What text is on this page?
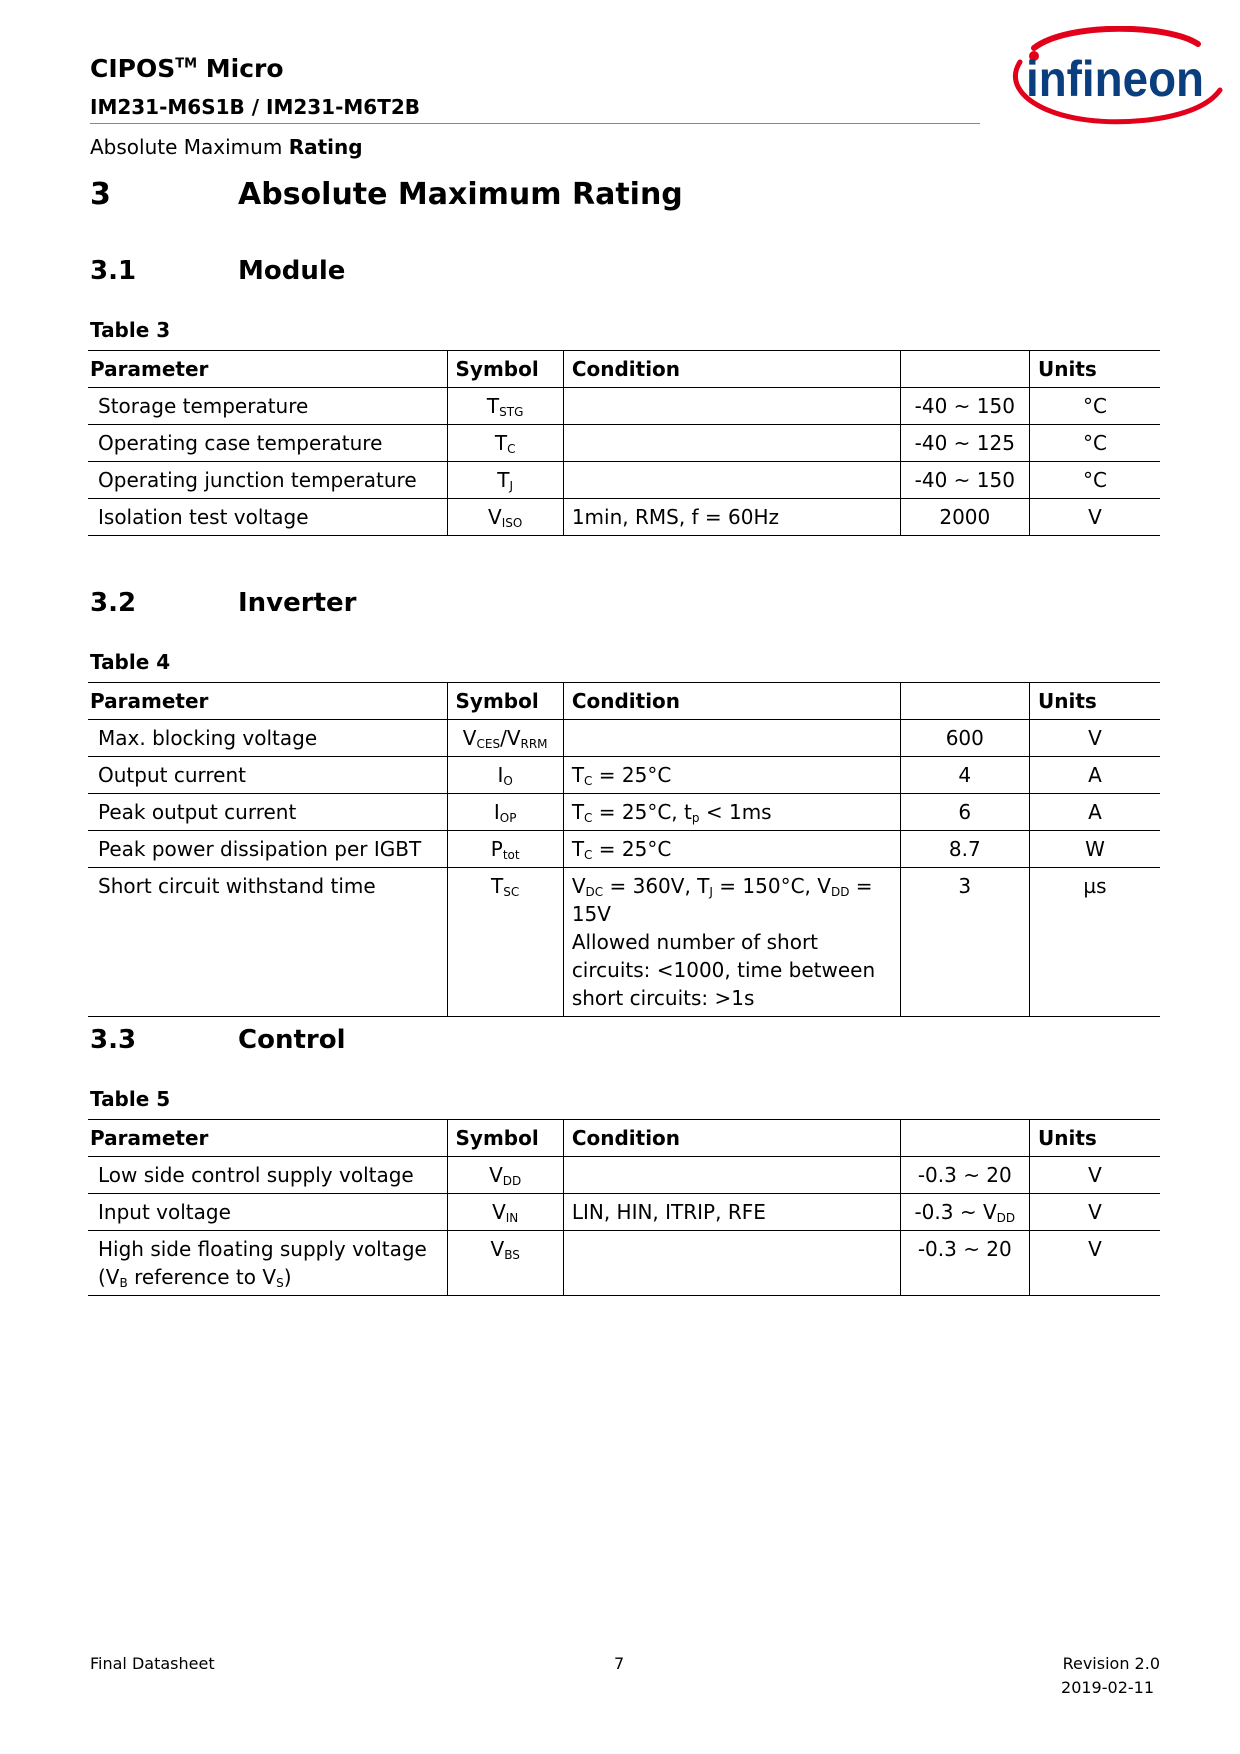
CIPOS™ Micro
IM231-M6S1B / IM231-M6T2B
Absolute Maximum Rating
infineon
3	Absolute Maximum Rating
3.1	Module
Table 3
Parameter	Symbol	Condition		Units
Storage temperature	$T_{STG}$		-40 ~ 150	°C
Operating case temperature	$T_C$		-40 ~ 125	°C
Operating junction temperature	$T_J$		-40 ~ 150	°C
Isolation test voltage	$V_{ISO}$	1min, RMS, f = 60Hz	2000	V
3.2	Inverter
Table 4
Parameter	Symbol	Condition		Units
Max. blocking voltage	$V_{CES}/V_{RRM}$		600	V
Output current	$I_O$	$T_C = 25^\circ C$	4	A
Peak output current	$I_{OP}$	$T_C = 25^\circ C$, $t_p < 1ms$	6	A
Peak power dissipation per IGBT	$P_{tot}$	$T_C = 25^\circ C$	8.7	W
Short circuit withstand time	$T_{SC}$	$V_{DC} = 360V$, $T_J = 150^\circ C$, $V_{DD} = 15V$
Allowed number of short
circuits: <1000, time between
short circuits: >1s	3	µs
3.3	Control
Table 5
Parameter	Symbol	Condition		Units
Low side control supply voltage	$V_{DD}$		-0.3 ~ 20	V
Input voltage	$V_{IN}$	LIN, HIN, ITRIP, RFE	-0.3 ~ $V_{DD}$	V

High side floating supply voltage
($V_B$ reference to $V_S$)	$V_{BS}$		-0.3 ~ 20	V
Final Datasheet	7	Revision 2.0
2019-02-11
